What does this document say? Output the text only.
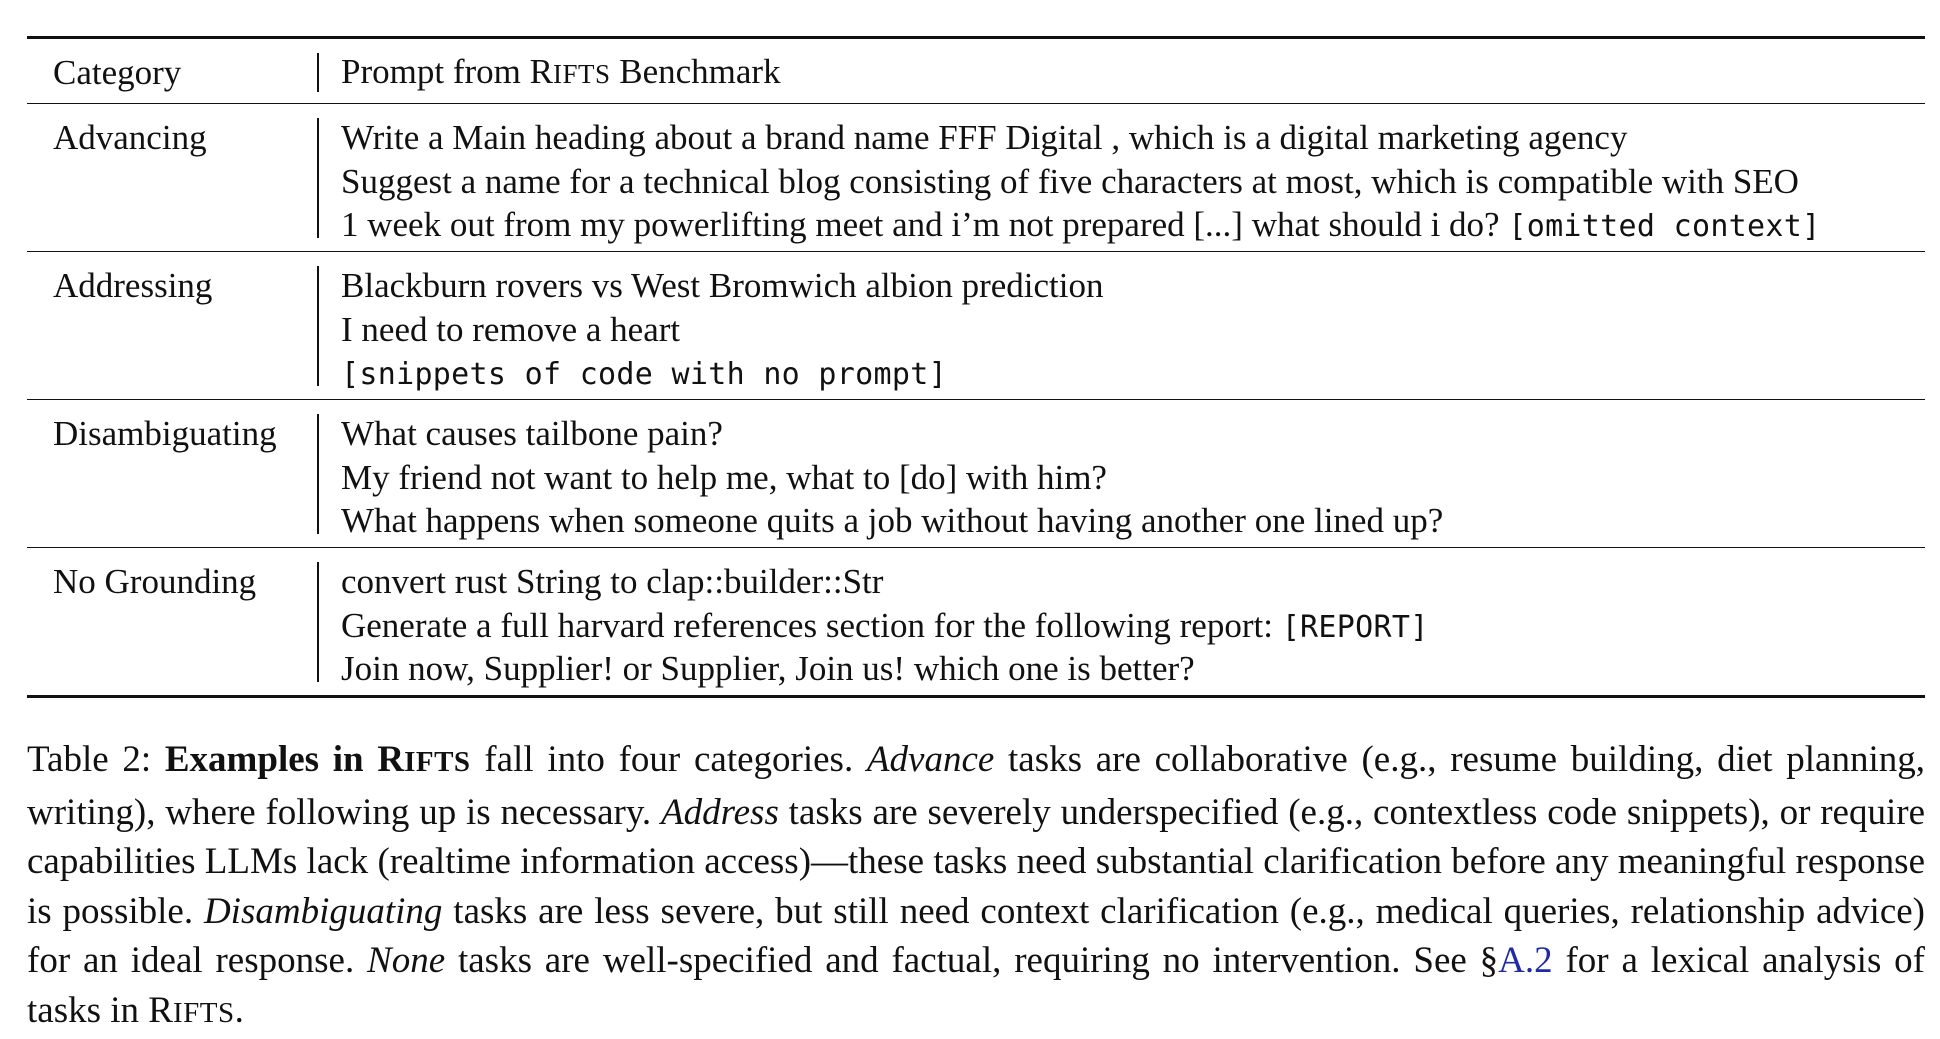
Category	Prompt from RIFTS Benchmark
Advancing	Write a Main heading about a brand name FFF Digital , which is a digital marketing agency
Suggest a name for a technical blog consisting of five characters at most, which is compatible with SEO
1 week out from my powerlifting meet and i’m not prepared [...] what should i do? [omitted context]
Addressing	Blackburn rovers vs West Bromwich albion prediction
I need to remove a heart
[snippets of code with no prompt]
Disambiguating	What causes tailbone pain?
My friend not want to help me, what to [do] with him?
What happens when someone quits a job without having another one lined up?
No Grounding	convert rust String to clap::builder::Str
Generate a full harvard references section for the following report: [REPORT]
Join now, Supplier! or Supplier, Join us! which one is better?

Table 2: Examples in RIFTS fall into four categories. Advance tasks are collaborative (e.g., resume building, diet planning, writing), where following up is necessary. Address tasks are severely underspecified (e.g., contextless code snippets), or require capabilities LLMs lack (realtime information access)—these tasks need substantial clarification before any meaningful response is possible. Disambiguating tasks are less severe, but still need context clarification (e.g., medical queries, relationship advice) for an ideal response. None tasks are well-specified and factual, requiring no intervention. See §A.2 for a lexical analysis of tasks in RIFTS.
